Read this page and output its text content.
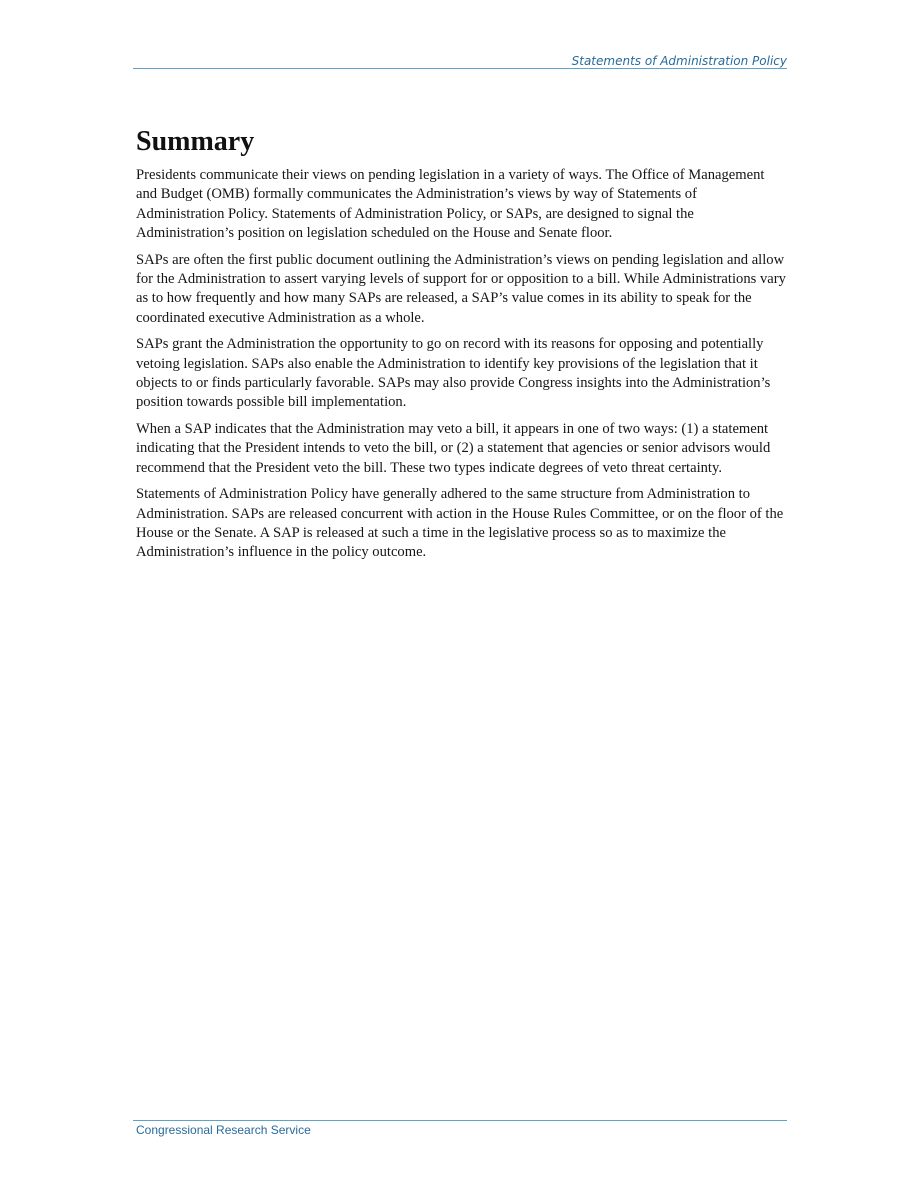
Statements of Administration Policy
Summary

Presidents communicate their views on pending legislation in a variety of ways. The Office of Management and Budget (OMB) formally communicates the Administration’s views by way of Statements of Administration Policy. Statements of Administration Policy, or SAPs, are designed to signal the Administration’s position on legislation scheduled on the House and Senate floor.

SAPs are often the first public document outlining the Administration’s views on pending legislation and allow for the Administration to assert varying levels of support for or opposition to a bill. While Administrations vary as to how frequently and how many SAPs are released, a SAP’s value comes in its ability to speak for the coordinated executive Administration as a whole.

SAPs grant the Administration the opportunity to go on record with its reasons for opposing and potentially vetoing legislation. SAPs also enable the Administration to identify key provisions of the legislation that it objects to or finds particularly favorable. SAPs may also provide Congress insights into the Administration’s position towards possible bill implementation.

When a SAP indicates that the Administration may veto a bill, it appears in one of two ways: (1) a statement indicating that the President intends to veto the bill, or (2) a statement that agencies or senior advisors would recommend that the President veto the bill. These two types indicate degrees of veto threat certainty.

Statements of Administration Policy have generally adhered to the same structure from Administration to Administration. SAPs are released concurrent with action in the House Rules Committee, or on the floor of the House or the Senate. A SAP is released at such a time in the legislative process so as to maximize the Administration’s influence in the policy outcome.

Congressional Research Service
